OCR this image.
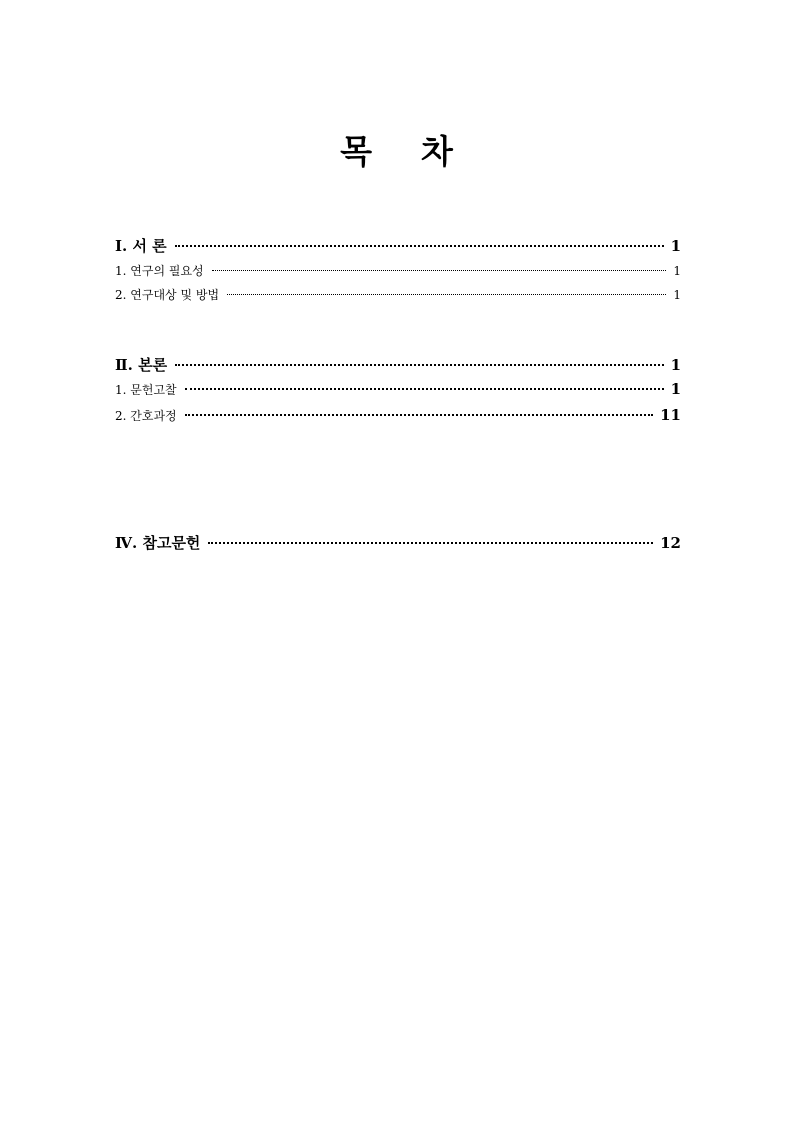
목 차
Ⅰ. 서 론	1
1. 연구의 필요성	1
2. 연구대상 및 방법	1
Ⅱ. 본론	1
1. 문헌고찰	1
2. 간호과정	11
Ⅳ. 참고문헌	12
